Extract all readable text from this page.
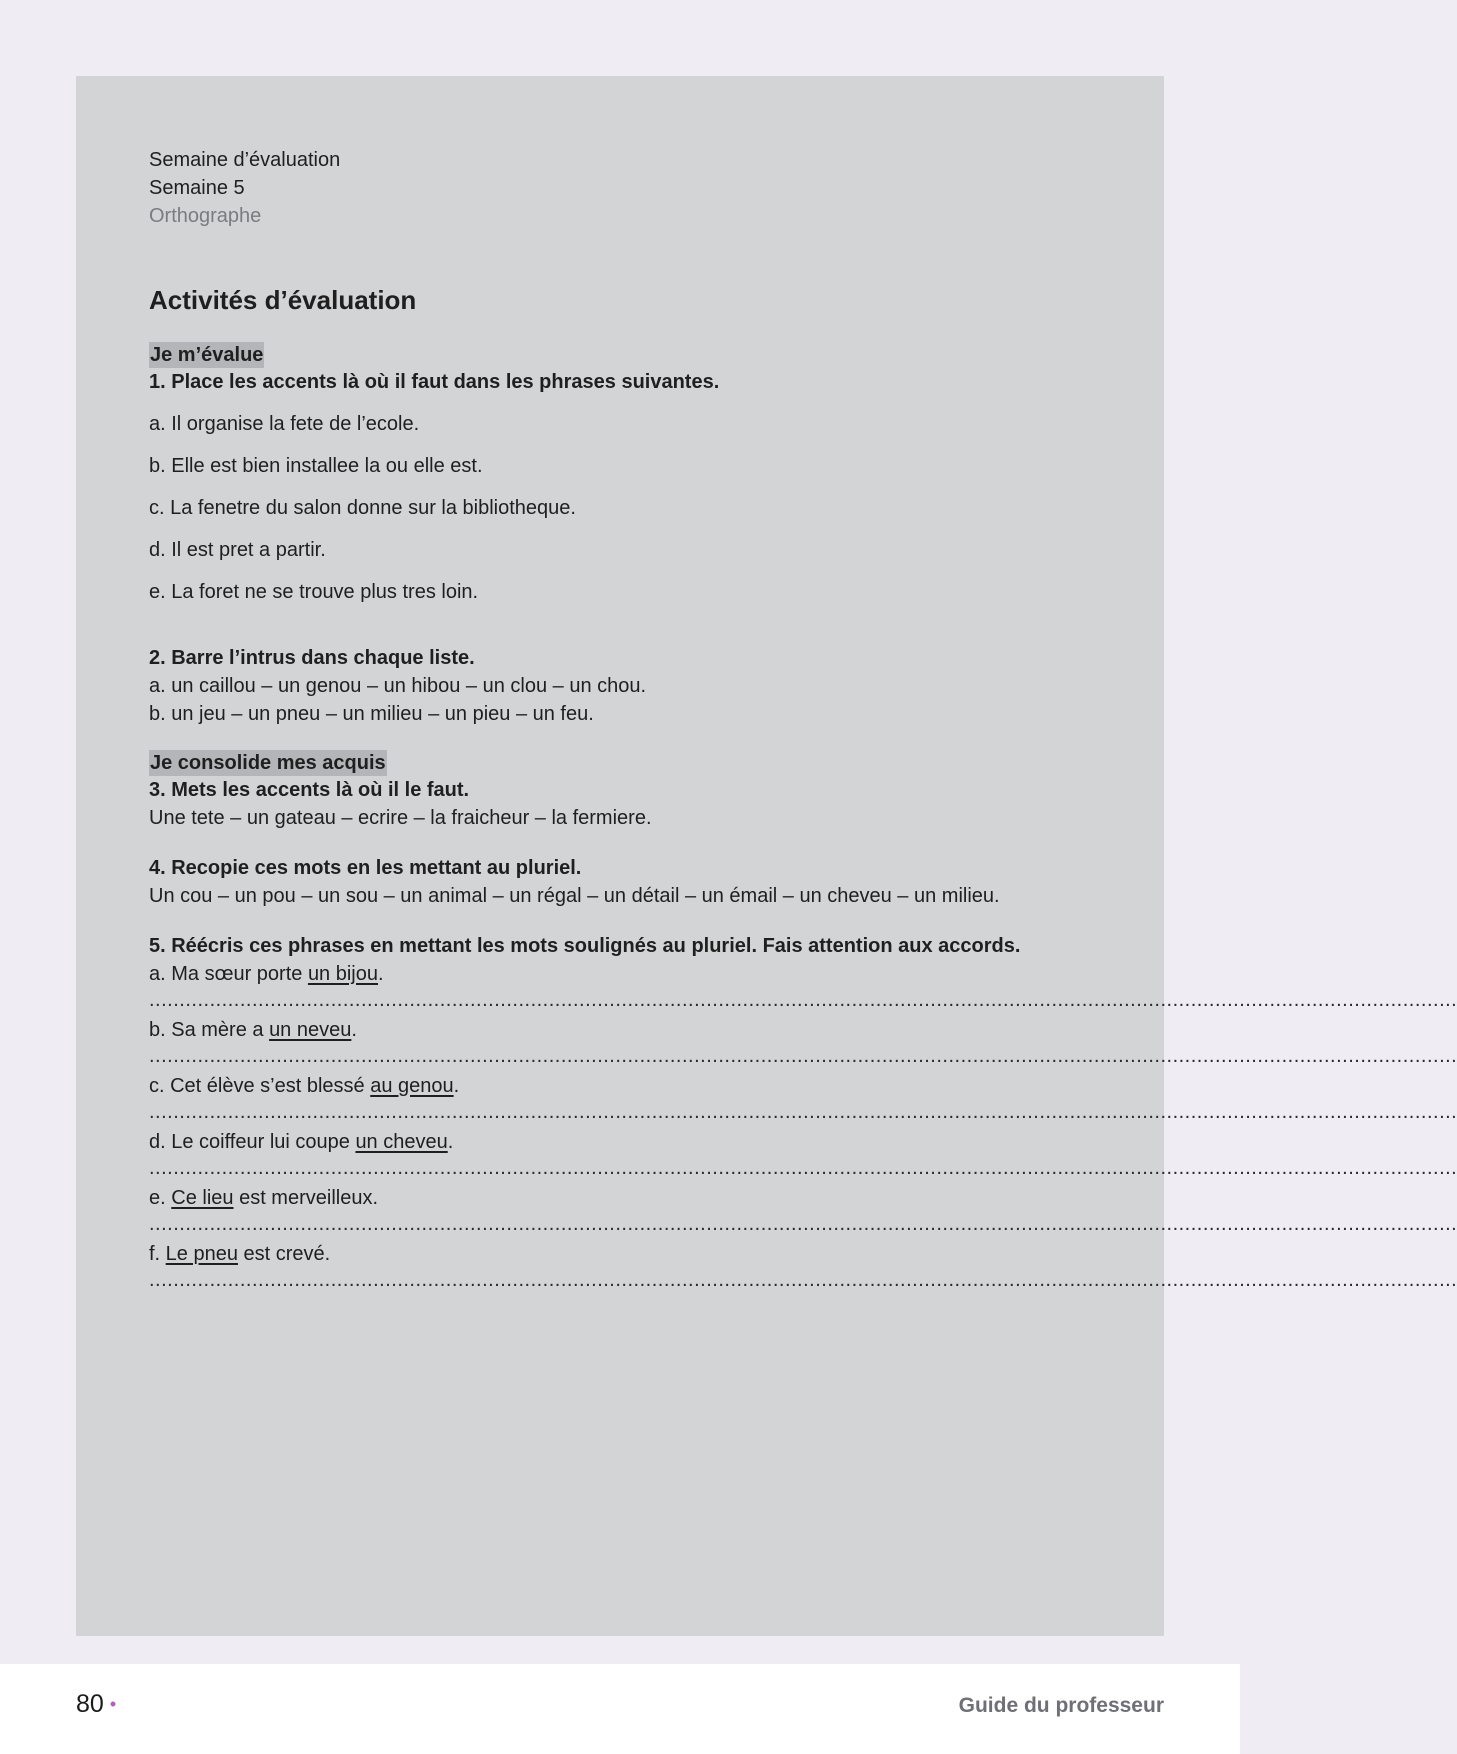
Semaine d’évaluation
Semaine 5
Orthographe
Activités d’évaluation
Je m’évalue
1. Place les accents là où il faut dans les phrases suivantes.
a. Il organise la fete de l’ecole.
b. Elle est bien installee la ou elle est.
c. La fenetre du salon donne sur la bibliotheque.
d. Il est pret a partir.
e. La foret ne se trouve plus tres loin.
2. Barre l’intrus dans chaque liste.
a. un caillou – un genou – un hibou – un clou – un chou.
b. un jeu – un pneu – un milieu – un pieu – un feu.
Je consolide mes acquis
3. Mets les accents là où il le faut.
Une tete – un gateau – ecrire – la fraicheur – la fermiere.
4. Recopie ces mots en les mettant au pluriel.
Un cou – un pou – un sou – un animal – un régal – un détail – un émail – un cheveu – un milieu.
5. Réécris ces phrases en mettant les mots soulignés au pluriel. Fais attention aux accords.
a. Ma sœur porte un bijou.
........................................................................................................................................................................................................................
b. Sa mère a un neveu.
........................................................................................................................................................................................................................
c. Cet élève s’est blessé au genou.
........................................................................................................................................................................................................................
d. Le coiffeur lui coupe un cheveu.
........................................................................................................................................................................................................................
e. Ce lieu est merveilleux.
........................................................................................................................................................................................................................
f. Le pneu est crevé.
........................................................................................................................................................................................................................
80 •	Guide du professeur
